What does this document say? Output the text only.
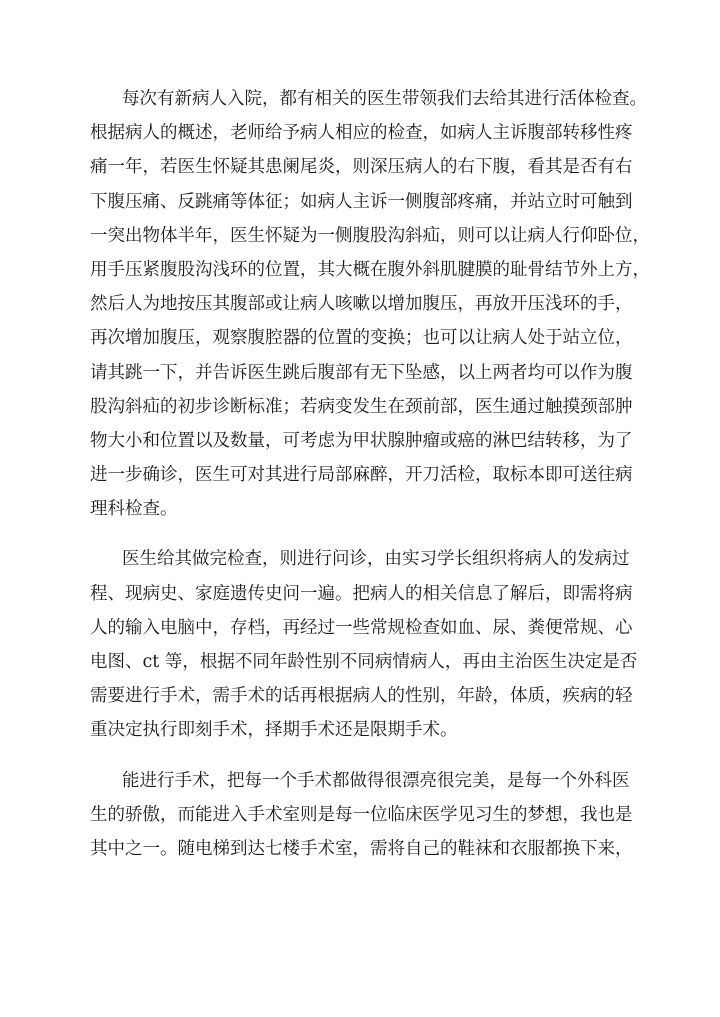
每次有新病人入院，都有相关的医生带领我们去给其进行活体检查。
根据病人的概述，老师给予病人相应的检查，如病人主诉腹部转移性疼
痛一年，若医生怀疑其患阑尾炎，则深压病人的右下腹，看其是否有右
下腹压痛、反跳痛等体征；如病人主诉一侧腹部疼痛，并站立时可触到
一突出物体半年，医生怀疑为一侧腹股沟斜疝，则可以让病人行仰卧位，
用手压紧腹股沟浅环的位置，其大概在腹外斜肌腱膜的耻骨结节外上方，
然后人为地按压其腹部或让病人咳嗽以增加腹压，再放开压浅环的手，
再次增加腹压，观察腹腔器的位置的变换；也可以让病人处于站立位，
请其跳一下，并告诉医生跳后腹部有无下坠感，以上两者均可以作为腹
股沟斜疝的初步诊断标准；若病变发生在颈前部，医生通过触摸颈部肿
物大小和位置以及数量，可考虑为甲状腺肿瘤或癌的淋巴结转移，为了
进一步确诊，医生可对其进行局部麻醉，开刀活检，取标本即可送往病
理科检查。
医生给其做完检查，则进行问诊，由实习学长组织将病人的发病过
程、现病史、家庭遗传史问一遍。把病人的相关信息了解后，即需将病
人的输入电脑中，存档，再经过一些常规检查如血、尿、粪便常规、心
电图、ct 等，根据不同年龄性别不同病情病人，再由主治医生决定是否
需要进行手术，需手术的话再根据病人的性别，年龄，体质，疾病的轻
重决定执行即刻手术，择期手术还是限期手术。
能进行手术，把每一个手术都做得很漂亮很完美，是每一个外科医
生的骄傲，而能进入手术室则是每一位临床医学见习生的梦想，我也是
其中之一。随电梯到达七楼手术室，需将自己的鞋袜和衣服都换下来，
